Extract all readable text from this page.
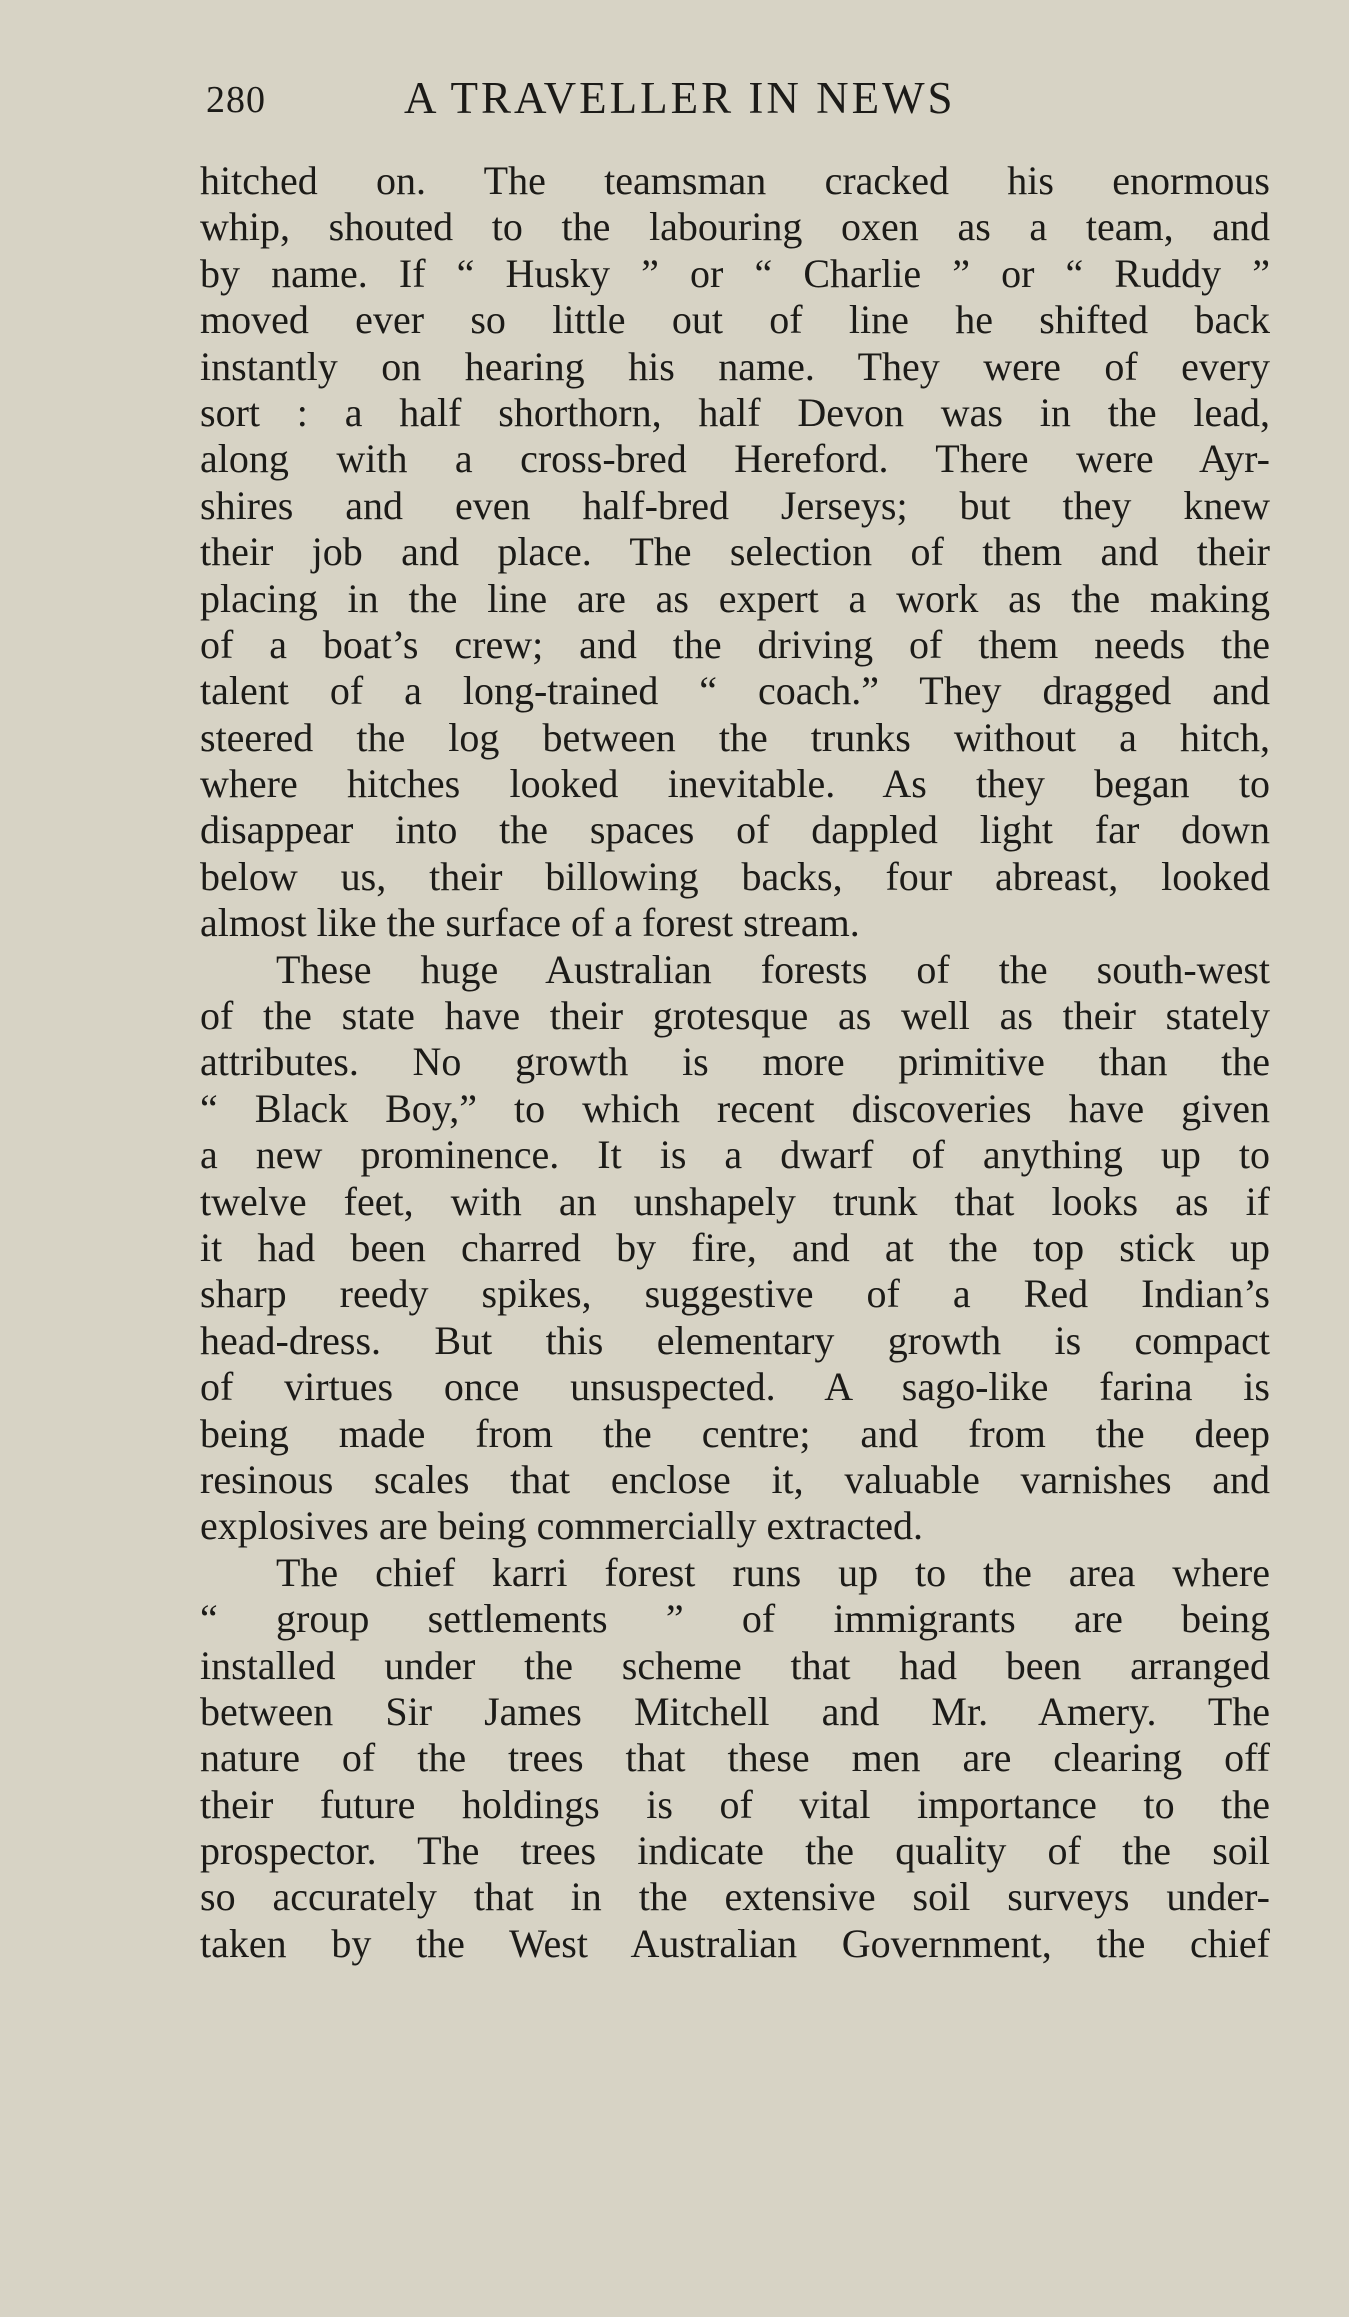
280	A TRAVELLER IN NEWS
hitched on. The teamsman cracked his enormous
whip, shouted to the labouring oxen as a team, and
by name. If “ Husky ” or “ Charlie ” or “ Ruddy ”
moved ever so little out of line he shifted back
instantly on hearing his name. They were of every
sort : a half shorthorn, half Devon was in the lead,
along with a cross-bred Hereford. There were Ayr-
shires and even half-bred Jerseys; but they knew
their job and place. The selection of them and their
placing in the line are as expert a work as the making
of a boat’s crew; and the driving of them needs the
talent of a long-trained “ coach.” They dragged and
steered the log between the trunks without a hitch,
where hitches looked inevitable. As they began to
disappear into the spaces of dappled light far down
below us, their billowing backs, four abreast, looked
almost like the surface of a forest stream.
These huge Australian forests of the south-west
of the state have their grotesque as well as their stately
attributes. No growth is more primitive than the
“ Black Boy,” to which recent discoveries have given
a new prominence. It is a dwarf of anything up to
twelve feet, with an unshapely trunk that looks as if
it had been charred by fire, and at the top stick up
sharp reedy spikes, suggestive of a Red Indian’s
head-dress. But this elementary growth is compact
of virtues once unsuspected. A sago-like farina is
being made from the centre; and from the deep
resinous scales that enclose it, valuable varnishes and
explosives are being commercially extracted.
The chief karri forest runs up to the area where
“ group settlements ” of immigrants are being
installed under the scheme that had been arranged
between Sir James Mitchell and Mr. Amery. The
nature of the trees that these men are clearing off
their future holdings is of vital importance to the
prospector. The trees indicate the quality of the soil
so accurately that in the extensive soil surveys under-
taken by the West Australian Government, the chief
